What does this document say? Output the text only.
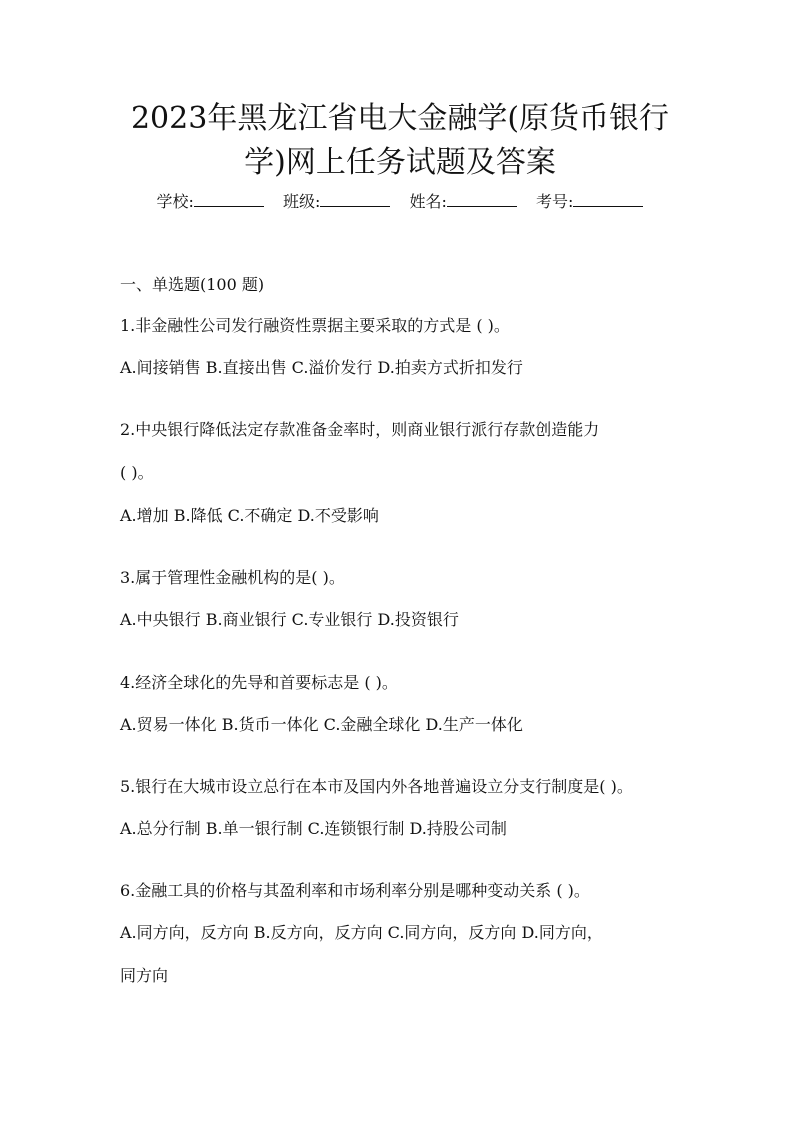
2023年黑龙江省电大金融学(原货币银行
学)网上任务试题及答案
学校:	班级:	姓名:	考号:
一、单选题(100 题)
1.非金融性公司发行融资性票据主要采取的方式是 ( )。
A.间接销售 B.直接出售 C.溢价发行 D.拍卖方式折扣发行
2.中央银行降低法定存款准备金率时，则商业银行派行存款创造能力
( )。
A.增加 B.降低 C.不确定 D.不受影响
3.属于管理性金融机构的是( )。
A.中央银行 B.商业银行 C.专业银行 D.投资银行
4.经济全球化的先导和首要标志是 ( )。
A.贸易一体化 B.货币一体化 C.金融全球化 D.生产一体化
5.银行在大城市设立总行在本市及国内外各地普遍设立分支行制度是( )。
A.总分行制 B.单一银行制 C.连锁银行制 D.持股公司制
6.金融工具的价格与其盈利率和市场利率分别是哪种变动关系 ( )。
A.同方向，反方向 B.反方向，反方向 C.同方向，反方向 D.同方向，
同方向
